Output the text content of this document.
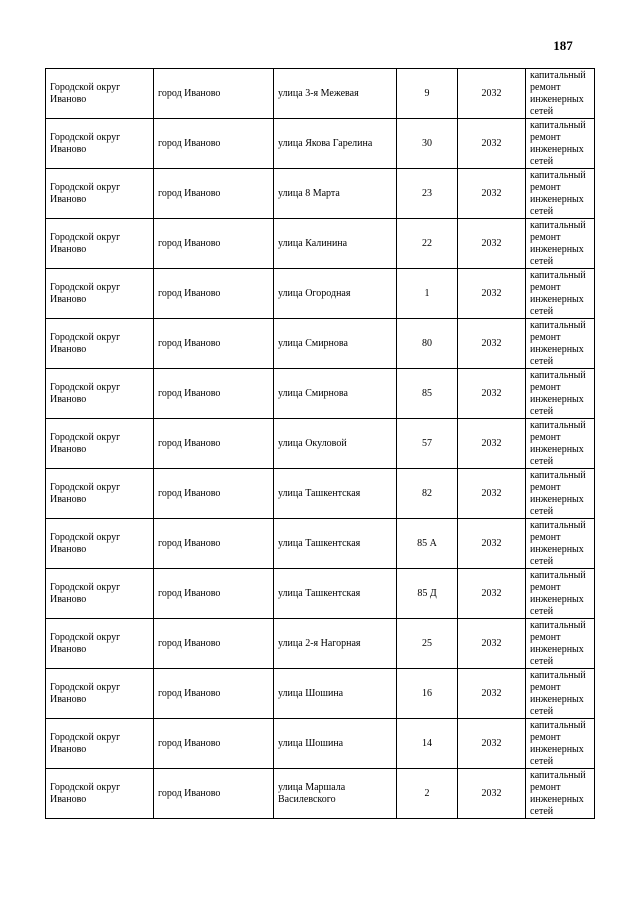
187
Городской округ Иваново	город Иваново	улица 3-я Межевая	9	2032	капитальный ремонт инженерных сетей
Городской округ Иваново	город Иваново	улица Якова Гарелина	30	2032	капитальный ремонт инженерных сетей
Городской округ Иваново	город Иваново	улица 8 Марта	23	2032	капитальный ремонт инженерных сетей
Городской округ Иваново	город Иваново	улица Калинина	22	2032	капитальный ремонт инженерных сетей
Городской округ Иваново	город Иваново	улица Огородная	1	2032	капитальный ремонт инженерных сетей
Городской округ Иваново	город Иваново	улица Смирнова	80	2032	капитальный ремонт инженерных сетей
Городской округ Иваново	город Иваново	улица Смирнова	85	2032	капитальный ремонт инженерных сетей
Городской округ Иваново	город Иваново	улица Окуловой	57	2032	капитальный ремонт инженерных сетей
Городской округ Иваново	город Иваново	улица Ташкентская	82	2032	капитальный ремонт инженерных сетей
Городской округ Иваново	город Иваново	улица Ташкентская	85 А	2032	капитальный ремонт инженерных сетей
Городской округ Иваново	город Иваново	улица Ташкентская	85 Д	2032	капитальный ремонт инженерных сетей
Городской округ Иваново	город Иваново	улица 2-я Нагорная	25	2032	капитальный ремонт инженерных сетей
Городской округ Иваново	город Иваново	улица Шошина	16	2032	капитальный ремонт инженерных сетей
Городской округ Иваново	город Иваново	улица Шошина	14	2032	капитальный ремонт инженерных сетей
Городской округ Иваново	город Иваново	улица Маршала Василевского	2	2032	капитальный ремонт инженерных сетей
